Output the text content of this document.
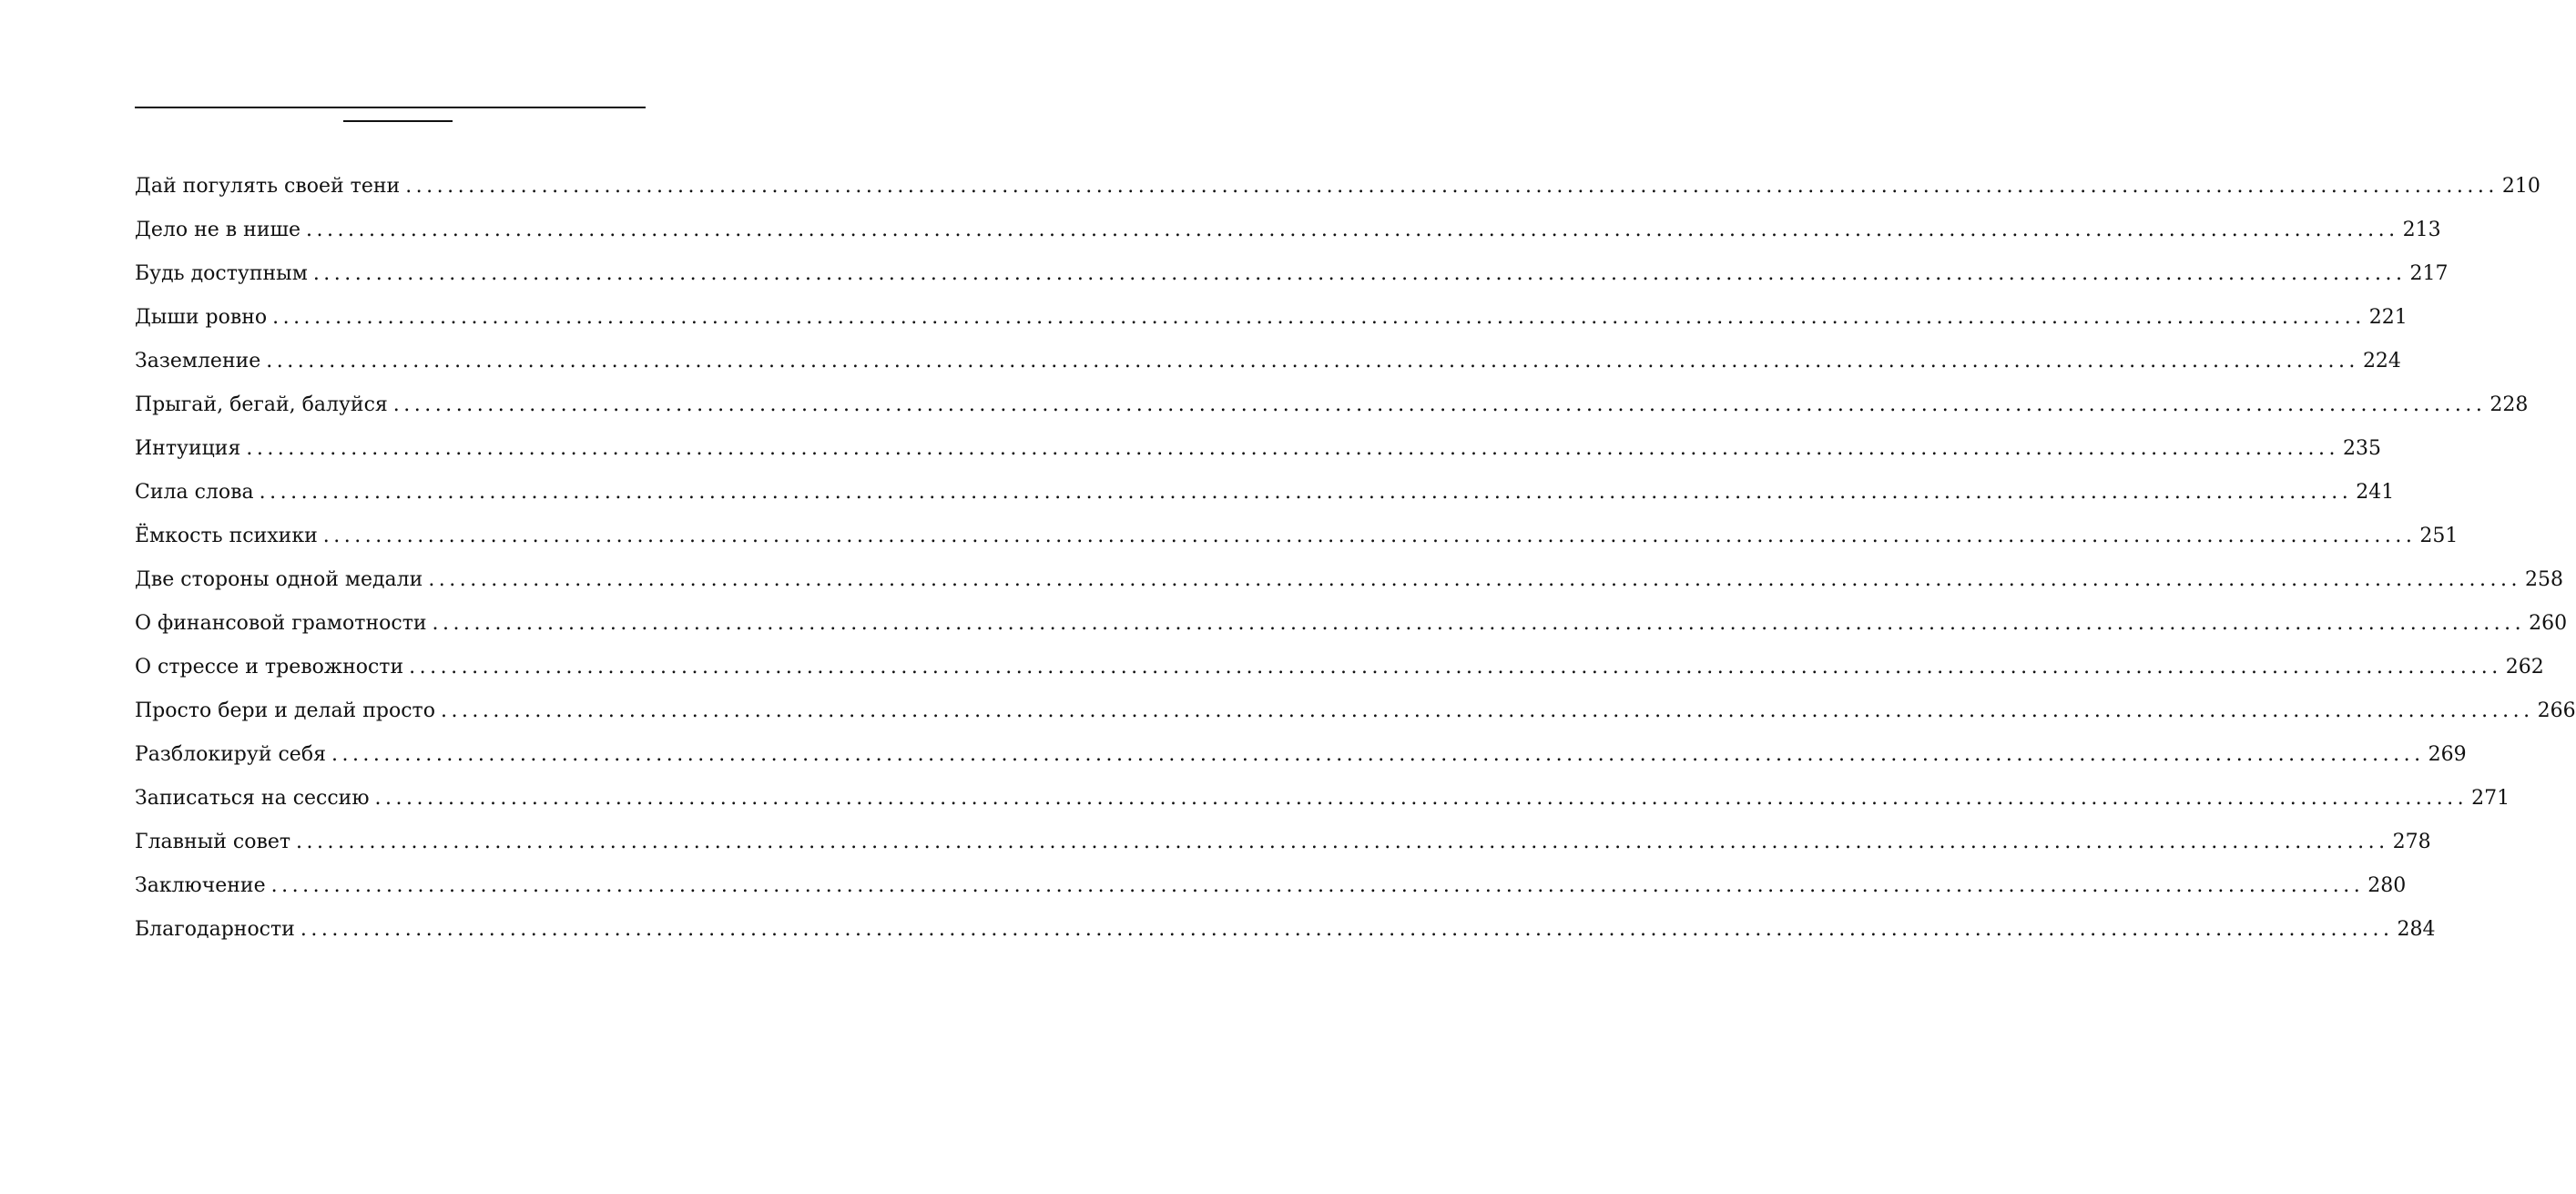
Дай погулять своей тени ........................................................................................................................................................................................................ 210
Дело не в нише ........................................................................................................................................................................................................ 213
Будь доступным ........................................................................................................................................................................................................ 217
Дыши ровно ........................................................................................................................................................................................................ 221
Заземление ........................................................................................................................................................................................................ 224
Прыгай, бегай, балуйся ........................................................................................................................................................................................................ 228
Интуиция ........................................................................................................................................................................................................ 235
Сила слова ........................................................................................................................................................................................................ 241
Ёмкость психики ........................................................................................................................................................................................................ 251
Две стороны одной медали ........................................................................................................................................................................................................ 258
О финансовой грамотности ........................................................................................................................................................................................................ 260
О стрессе и тревожности ........................................................................................................................................................................................................ 262
Просто бери и делай просто ........................................................................................................................................................................................................ 266
Разблокируй себя ........................................................................................................................................................................................................ 269
Записаться на сессию ........................................................................................................................................................................................................ 271
Главный совет ........................................................................................................................................................................................................ 278
Заключение ........................................................................................................................................................................................................ 280
Благодарности ........................................................................................................................................................................................................ 284
